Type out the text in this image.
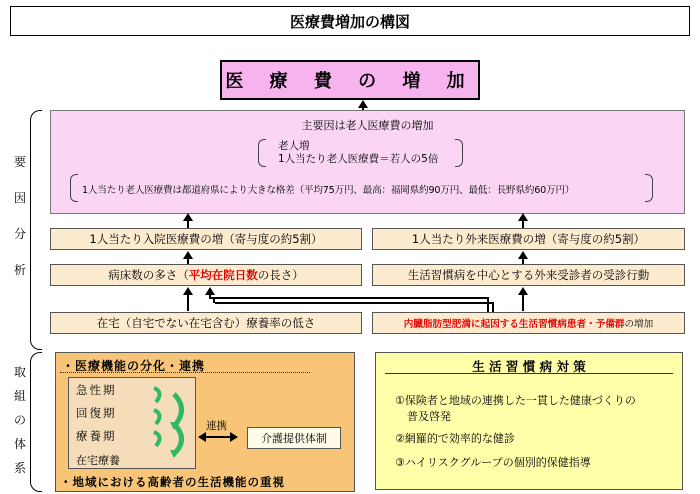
医療費増加の構図
医 療 費 の 増 加
要
因
分
析
主要因は老人医療費の増加
老人増
1人当たり老人医療費＝若人の5倍
1人当たり老人医療費は都道府県により大きな格差（平均75万円、最高：福岡県約90万円、最低：長野県約60万円）
1人当たり入院医療費の増（寄与度の約5割）	1人当たり外来医療費の増（寄与度の約5割）
病床数の多さ（ 平均在院日数 の長さ）	生活習慣病を中心とする外来受診者の受診行動
在宅（自宅でない在宅含む）療養率の低さ	内臓脂肪型肥満に起因する生活習慣病患者・予備群 の増加
取
組
の
体
系
・医療機能の分化・連携
急性期
回復期
療養期
在宅療養
連携
介護提供体制
・地域における高齢者の生活機能の重視
生 活 習 慣 病 対 策
①保険者と地域の連携した一貫した健康づくりの
普及啓発
②網羅的で効率的な健診
③ハイリスクグループの個別的保健指導
